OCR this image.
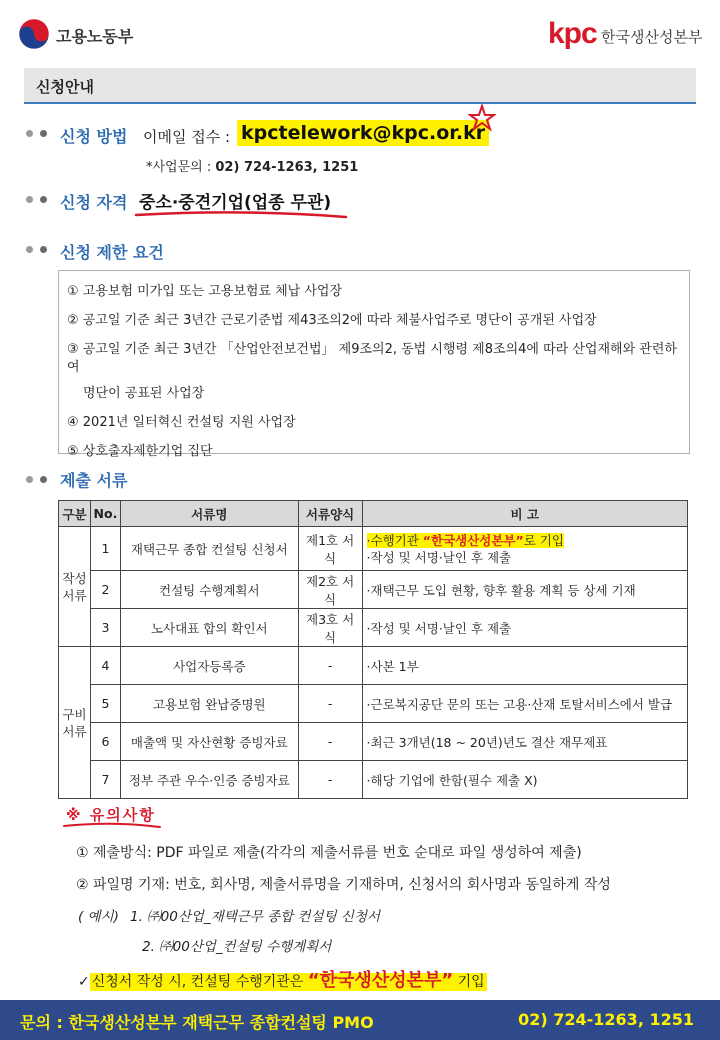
고용노동부	kpc 한국생산성본부
신청안내
신청 방법 이메일 접수 : kpctelework@kpc.or.kr
*사업문의 : 02) 724-1263, 1251
신청 자격 중소·중견기업(업종 무관)
신청 제한 요건

① 고용보험 미가입 또는 고용보험료 체납 사업장

② 공고일 기준 최근 3년간 근로기준법 제43조의2에 따라 체불사업주로 명단이 공개된 사업장

③ 공고일 기준 최근 3년간 「산업안전보건법」 제9조의2, 동법 시행령 제8조의4에 따라 산업재해와 관련하여

명단이 공표된 사업장

④ 2021년 일터혁신 컨설팅 지원 사업장

⑤ 상호출자제한기업 집단

제출 서류
구분	No.	서류명	서류양식	비 고
작성
서류	1	재택근무 종합 컨설팅 신청서	제1호 서식	·수행기관 “한국생산성본부”로 기입
·작성 및 서명·날인 후 제출
	2	컨설팅 수행계획서	제2호 서식	·재택근무 도입 현황, 향후 활용 계획 등 상세 기재
	3	노사대표 합의 확인서	제3호 서식	·작성 및 서명·날인 후 제출
구비
서류	4	사업자등록증	-	·사본 1부
	5	고용보험 완납증명원	-	·근로복지공단 문의 또는 고용·산재 토탈서비스에서 발급
	6	매출액 및 자산현황 증빙자료	-	·최근 3개년(18 ~ 20년)년도 결산 재무제표
	7	정부 주관 우수·인증 증빙자료	-	·해당 기업에 한함(필수 제출 X)
※ 유의사항
① 제출방식: PDF 파일로 제출(각각의 제출서류를 번호 순대로 파일 생성하여 제출)
② 파일명 기재: 번호, 회사명, 제출서류명을 기재하며, 신청서의 회사명과 동일하게 작성
( 예시) 1. ㈜00산업_재택근무 종합 컨설팅 신청서
2. ㈜00산업_컨설팅 수행계획서
✓ 신청서 작성 시, 컨설팅 수행기관은 “한국생산성본부” 기입
문의 : 한국생산성본부 재택근무 종합컨설팅 PMO	02) 724-1263, 1251
